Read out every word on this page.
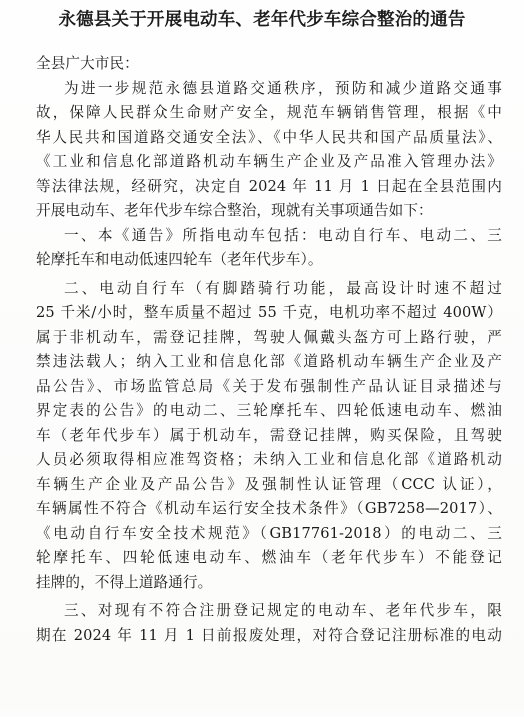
永德县关于开展电动车、老年代步车综合整治的通告
全县广大市民：
为进一步规范永德县道路交通秩序，预防和减少道路交通事
故，保障人民群众生命财产安全，规范车辆销售管理，根据《中
华人民共和国道路交通安全法》、《中华人民共和国产品质量法》、
《工业和信息化部道路机动车辆生产企业及产品准入管理办法》
等法律法规，经研究，决定自 2024 年 11 月 1 日起在全县范围内
开展电动车、老年代步车综合整治，现就有关事项通告如下：
一、本《通告》所指电动车包括：电动自行车、电动二、三
轮摩托车和电动低速四轮车（老年代步车）。
二、电动自行车（有脚踏骑行功能，最高设计时速不超过
25 千米/小时，整车质量不超过 55 千克，电机功率不超过 400W）
属于非机动车，需登记挂牌，驾驶人佩戴头盔方可上路行驶，严
禁违法载人；纳入工业和信息化部《道路机动车辆生产企业及产
品公告》、市场监管总局《关于发布强制性产品认证目录描述与
界定表的公告》的电动二、三轮摩托车、四轮低速电动车、燃油
车（老年代步车）属于机动车，需登记挂牌，购买保险，且驾驶
人员必须取得相应准驾资格；未纳入工业和信息化部《道路机动
车辆生产企业及产品公告》及强制性认证管理（CCC 认证），
车辆属性不符合《机动车运行安全技术条件》（GB7258—2017）、
《电动自行车安全技术规范》（GB17761-2018）的电动二、三
轮摩托车、四轮低速电动车、燃油车（老年代步车）不能登记
挂牌的，不得上道路通行。
三、对现有不符合注册登记规定的电动车、老年代步车，限
期在 2024 年 11 月 1 日前报废处理，对符合登记注册标准的电动
